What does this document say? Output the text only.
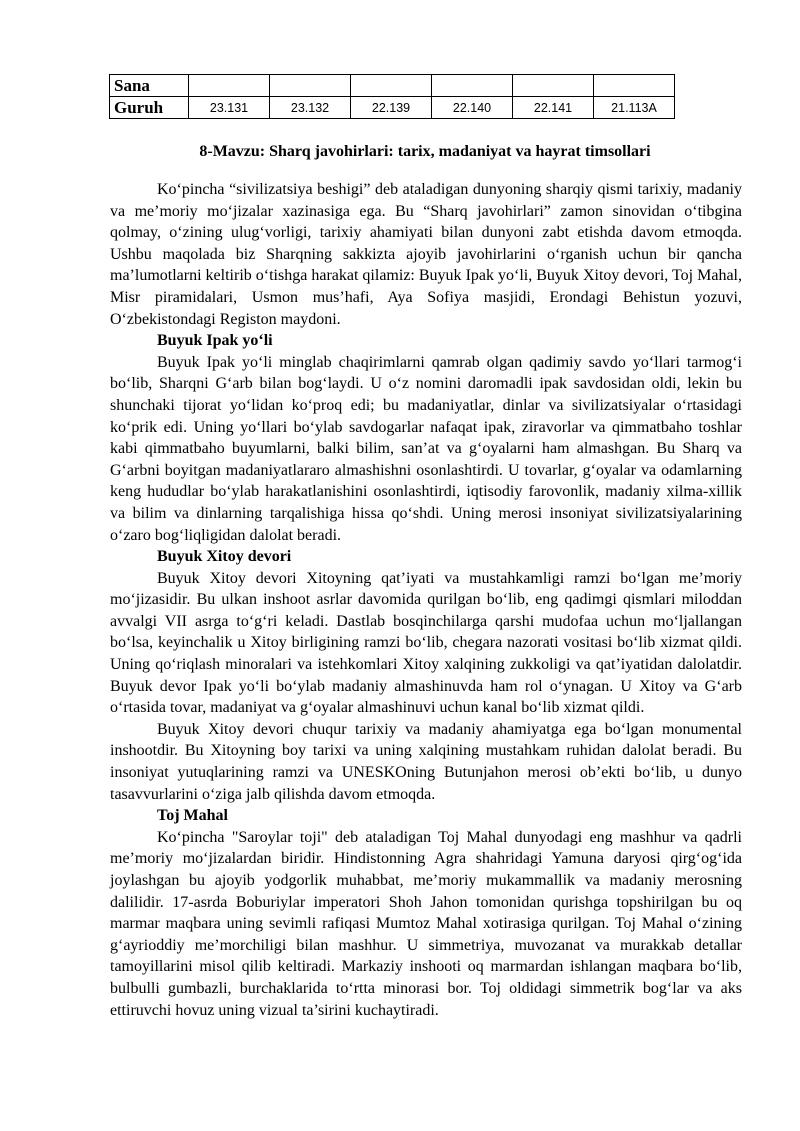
Sana						
Guruh	23.131	23.132	22.139	22.140	22.141	21.113A
8-Mavzu: Sharq javohirlari: tarix, madaniyat va hayrat timsollari

Ko‘pincha “sivilizatsiya beshigi” deb ataladigan dunyoning sharqiy qismi tarixiy, madaniy va me’moriy mo‘jizalar xazinasiga ega. Bu “Sharq javohirlari” zamon sinovidan o‘tibgina qolmay, o‘zining ulug‘vorligi, tarixiy ahamiyati bilan dunyoni zabt etishda davom etmoqda. Ushbu maqolada biz Sharqning sakkizta ajoyib javohirlarini o‘rganish uchun bir qancha ma’lumotlarni keltirib o‘tishga harakat qilamiz: Buyuk Ipak yo‘li, Buyuk Xitoy devori, Toj Mahal, Misr piramidalari, Usmon mus’hafi, Aya Sofiya masjidi, Erondagi Behistun yozuvi, O‘zbekistondagi Registon maydoni.

Buyuk Ipak yo‘li

Buyuk Ipak yo‘li minglab chaqirimlarni qamrab olgan qadimiy savdo yo‘llari tarmog‘i bo‘lib, Sharqni G‘arb bilan bog‘laydi. U o‘z nomini daromadli ipak savdosidan oldi, lekin bu shunchaki tijorat yo‘lidan ko‘proq edi; bu madaniyatlar, dinlar va sivilizatsiyalar o‘rtasidagi ko‘prik edi. Uning yo‘llari bo‘ylab savdogarlar nafaqat ipak, ziravorlar va qimmatbaho toshlar kabi qimmatbaho buyumlarni, balki bilim, san’at va g‘oyalarni ham almashgan. Bu Sharq va G‘arbni boyitgan madaniyatlararo almashishni osonlashtirdi. U tovarlar, g‘oyalar va odamlarning keng hududlar bo‘ylab harakatlanishini osonlashtirdi, iqtisodiy farovonlik, madaniy xilma-xillik va bilim va dinlarning tarqalishiga hissa qo‘shdi. Uning merosi insoniyat sivilizatsiyalarining o‘zaro bog‘liqligidan dalolat beradi.

Buyuk Xitoy devori

Buyuk Xitoy devori Xitoyning qat’iyati va mustahkamligi ramzi bo‘lgan me’moriy mo‘jizasidir. Bu ulkan inshoot asrlar davomida qurilgan bo‘lib, eng qadimgi qismlari miloddan avvalgi VII asrga to‘g‘ri keladi. Dastlab bosqinchilarga qarshi mudofaa uchun mo‘ljallangan bo‘lsa, keyinchalik u Xitoy birligining ramzi bo‘lib, chegara nazorati vositasi bo‘lib xizmat qildi. Uning qo‘riqlash minoralari va istehkomlari Xitoy xalqining zukkoligi va qat’iyatidan dalolatdir. Buyuk devor Ipak yo‘li bo‘ylab madaniy almashinuvda ham rol o‘ynagan. U Xitoy va G‘arb o‘rtasida tovar, madaniyat va g‘oyalar almashinuvi uchun kanal bo‘lib xizmat qildi.

Buyuk Xitoy devori chuqur tarixiy va madaniy ahamiyatga ega bo‘lgan monumental inshootdir. Bu Xitoyning boy tarixi va uning xalqining mustahkam ruhidan dalolat beradi. Bu insoniyat yutuqlarining ramzi va UNESKOning Butunjahon merosi ob’ekti bo‘lib, u dunyo tasavvurlarini o‘ziga jalb qilishda davom etmoqda.

Toj Mahal

Ko‘pincha "Saroylar toji" deb ataladigan Toj Mahal dunyodagi eng mashhur va qadrli me’moriy mo‘jizalardan biridir. Hindistonning Agra shahridagi Yamuna daryosi qirg‘og‘ida joylashgan bu ajoyib yodgorlik muhabbat, me’moriy mukammallik va madaniy merosning dalilidir. 17-asrda Boburiylar imperatori Shoh Jahon tomonidan qurishga topshirilgan bu oq marmar maqbara uning sevimli rafiqasi Mumtoz Mahal xotirasiga qurilgan. Toj Mahal o‘zining g‘ayrioddiy me’morchiligi bilan mashhur. U simmetriya, muvozanat va murakkab detallar tamoyillarini misol qilib keltiradi. Markaziy inshooti oq marmardan ishlangan maqbara bo‘lib, bulbulli gumbazli, burchaklarida to‘rtta minorasi bor. Toj oldidagi simmetrik bog‘lar va aks ettiruvchi hovuz uning vizual ta’sirini kuchaytiradi.
